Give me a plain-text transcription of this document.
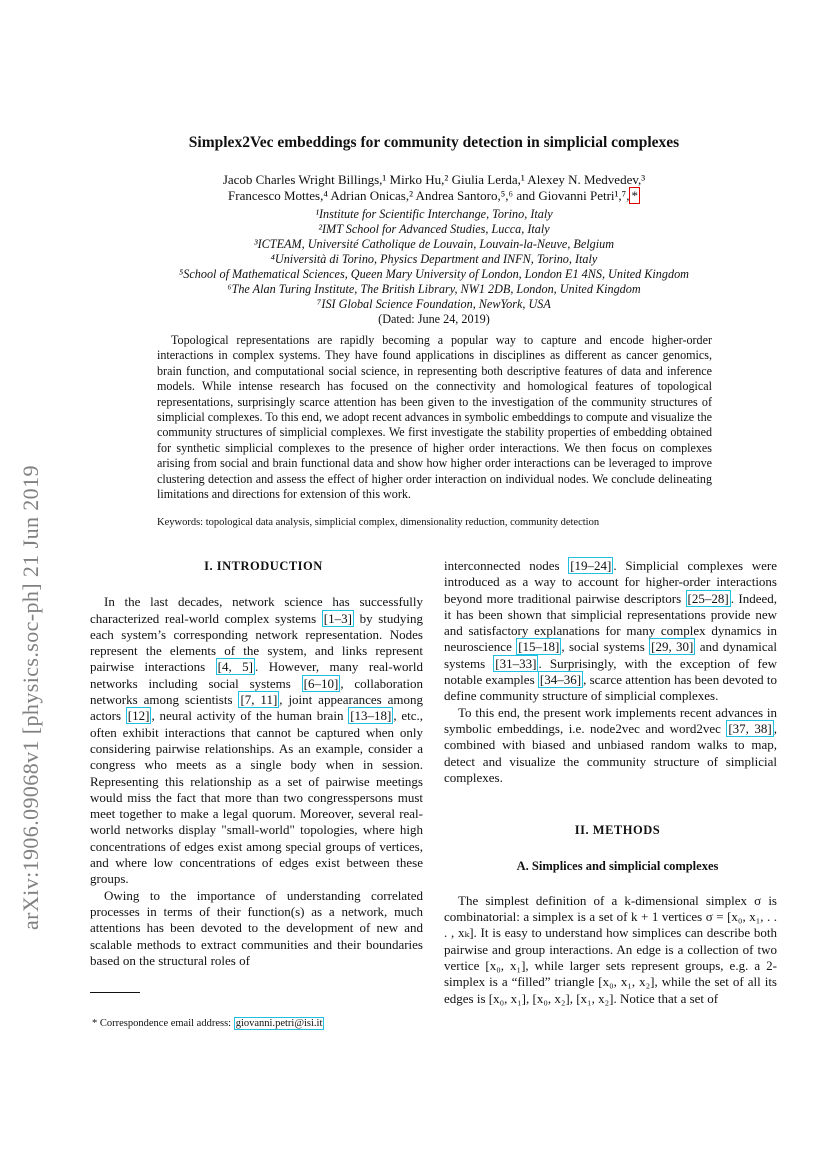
arXiv:1906.09068v1 [physics.soc-ph] 21 Jun 2019
Simplex2Vec embeddings for community detection in simplicial complexes
Jacob Charles Wright Billings,¹ Mirko Hu,² Giulia Lerda,¹ Alexey N. Medvedev,³
Francesco Mottes,⁴ Adrian Onicas,² Andrea Santoro,⁵,⁶ and Giovanni Petri¹,⁷, *
¹Institute for Scientific Interchange, Torino, Italy
²IMT School for Advanced Studies, Lucca, Italy
³ICTEAM, Université Catholique de Louvain, Louvain-la-Neuve, Belgium
⁴Università di Torino, Physics Department and INFN, Torino, Italy
⁵School of Mathematical Sciences, Queen Mary University of London, London E1 4NS, United Kingdom
⁶The Alan Turing Institute, The British Library, NW1 2DB, London, United Kingdom
⁷ISI Global Science Foundation, NewYork, USA
(Dated: June 24, 2019)
Topological representations are rapidly becoming a popular way to capture and encode higher-order interactions in complex systems. They have found applications in disciplines as different as cancer genomics, brain function, and computational social science, in representing both descriptive features of data and inference models. While intense research has focused on the connectivity and homological features of topological representations, surprisingly scarce attention has been given to the investigation of the community structures of simplicial complexes. To this end, we adopt recent advances in symbolic embeddings to compute and visualize the community structures of simplicial complexes. We first investigate the stability properties of embedding obtained for synthetic simplicial complexes to the presence of higher order interactions. We then focus on complexes arising from social and brain functional data and show how higher order interactions can be leveraged to improve clustering detection and assess the effect of higher order interaction on individual nodes. We conclude delineating limitations and directions for extension of this work.
Keywords: topological data analysis, simplicial complex, dimensionality reduction, community detection

I. INTRODUCTION

In the last decades, network science has successfully characterized real-world complex systems [1–3] by studying each system’s corresponding network representation. Nodes represent the elements of the system, and links represent pairwise interactions [4, 5] . However, many real-world networks including social systems [6–10] , collaboration networks among scientists [7, 11] , joint appearances among actors [12] , neural activity of the human brain [13–18] , etc., often exhibit interactions that cannot be captured when only considering pairwise relationships. As an example, consider a congress who meets as a single body when in session. Representing this relationship as a set of pairwise meetings would miss the fact that more than two congresspersons must meet together to make a legal quorum. Moreover, several real-world networks display "small-world" topologies, where high concentrations of edges exist among special groups of vertices, and where low concentrations of edges exist between these groups.

Owing to the importance of understanding correlated processes in terms of their function(s) as a network, much attentions has been devoted to the development of new and scalable methods to extract communities and their boundaries based on the structural roles of

interconnected nodes [19–24] . Simplicial complexes were introduced as a way to account for higher-order interactions beyond more traditional pairwise descriptors [25–28] . Indeed, it has been shown that simplicial representations provide new and satisfactory explanations for many complex dynamics in neuroscience [15–18] , social systems [29, 30] and dynamical systems [31–33] . Surprisingly, with the exception of few notable examples [34–36] , scarce attention has been devoted to define community structure of simplicial complexes.

To this end, the present work implements recent advances in symbolic embeddings, i.e. node2vec and word2vec [37, 38] , combined with biased and unbiased random walks to map, detect and visualize the community structure of simplicial complexes.

II. METHODS

A. Simplices and simplicial complexes

The simplest definition of a k-dimensional simplex σ is combinatorial: a simplex is a set of k + 1 vertices σ = [x₀, x₁, . . . , xₖ]. It is easy to understand how simplices can describe both pairwise and group interactions. An edge is a collection of two vertice [x₀, x₁], while larger sets represent groups, e.g. a 2-simplex is a “filled” triangle [x₀, x₁, x₂], while the set of all its edges is [x₀, x₁], [x₀, x₂], [x₁, x₂]. Notice that a set of

* Correspondence email address: giovanni.petri@isi.it
